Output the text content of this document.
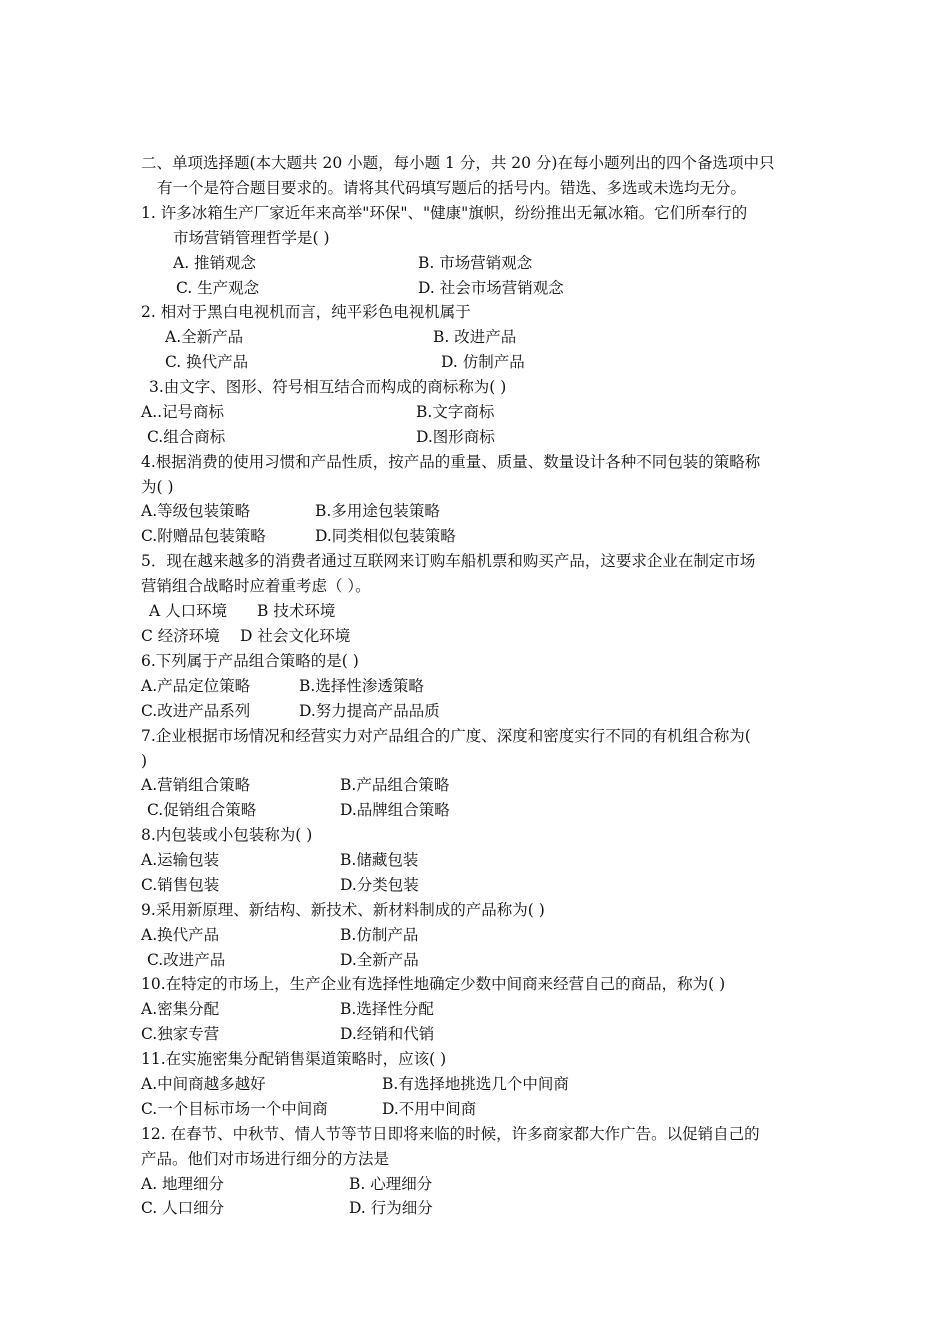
二、单项选择题(本大题共 20 小题，每小题 1 分，共 20 分)在每小题列出的四个备选项中只
有一个是符合题目要求的。请将其代码填写题后的括号内。错选、多选或未选均无分。
1. 许多冰箱生产厂家近年来高举"环保"、"健康"旗帜，纷纷推出无氟冰箱。它们所奉行的
市场营销管理哲学是( )
A. 推销观念	B. 市场营销观念
C. 生产观念	D. 社会市场营销观念
2. 相对于黑白电视机而言，纯平彩色电视机属于
A.全新产品	B. 改进产品
C. 换代产品	D. 仿制产品
3.由文字、图形、符号相互结合而构成的商标称为( )
A..记号商标	B.文字商标
C.组合商标	D.图形商标
4.根据消费的使用习惯和产品性质，按产品的重量、质量、数量设计各种不同包装的策略称
为( )
A.等级包装策略	B.多用途包装策略
C.附赠品包装策略	D.同类相似包装策略
5．现在越来越多的消费者通过互联网来订购车船机票和购买产品，这要求企业在制定市场
营销组合战略时应着重考虑（ ）。
A 人口环境 B 技术环境
C 经济环境 D 社会文化环境
6.下列属于产品组合策略的是( )
A.产品定位策略	B.选择性渗透策略
C.改进产品系列	D.努力提高产品品质
7.企业根据市场情况和经营实力对产品组合的广度、深度和密度实行不同的有机组合称为(
)
A.营销组合策略	B.产品组合策略
C.促销组合策略	D.品牌组合策略
8.内包装或小包装称为( )
A.运输包装	B.储藏包装
C.销售包装	D.分类包装
9.采用新原理、新结构、新技术、新材料制成的产品称为( )
A.换代产品	B.仿制产品
C.改进产品	D.全新产品
10.在特定的市场上，生产企业有选择性地确定少数中间商来经营自己的商品，称为( )
A.密集分配	B.选择性分配
C.独家专营	D.经销和代销
11.在实施密集分配销售渠道策略时，应该( )
A.中间商越多越好	B.有选择地挑选几个中间商
C.一个目标市场一个中间商	D.不用中间商
12. 在春节、中秋节、情人节等节日即将来临的时候，许多商家都大作广告。以促销自己的
产品。他们对市场进行细分的方法是
A. 地理细分	B. 心理细分
C. 人口细分	D. 行为细分
